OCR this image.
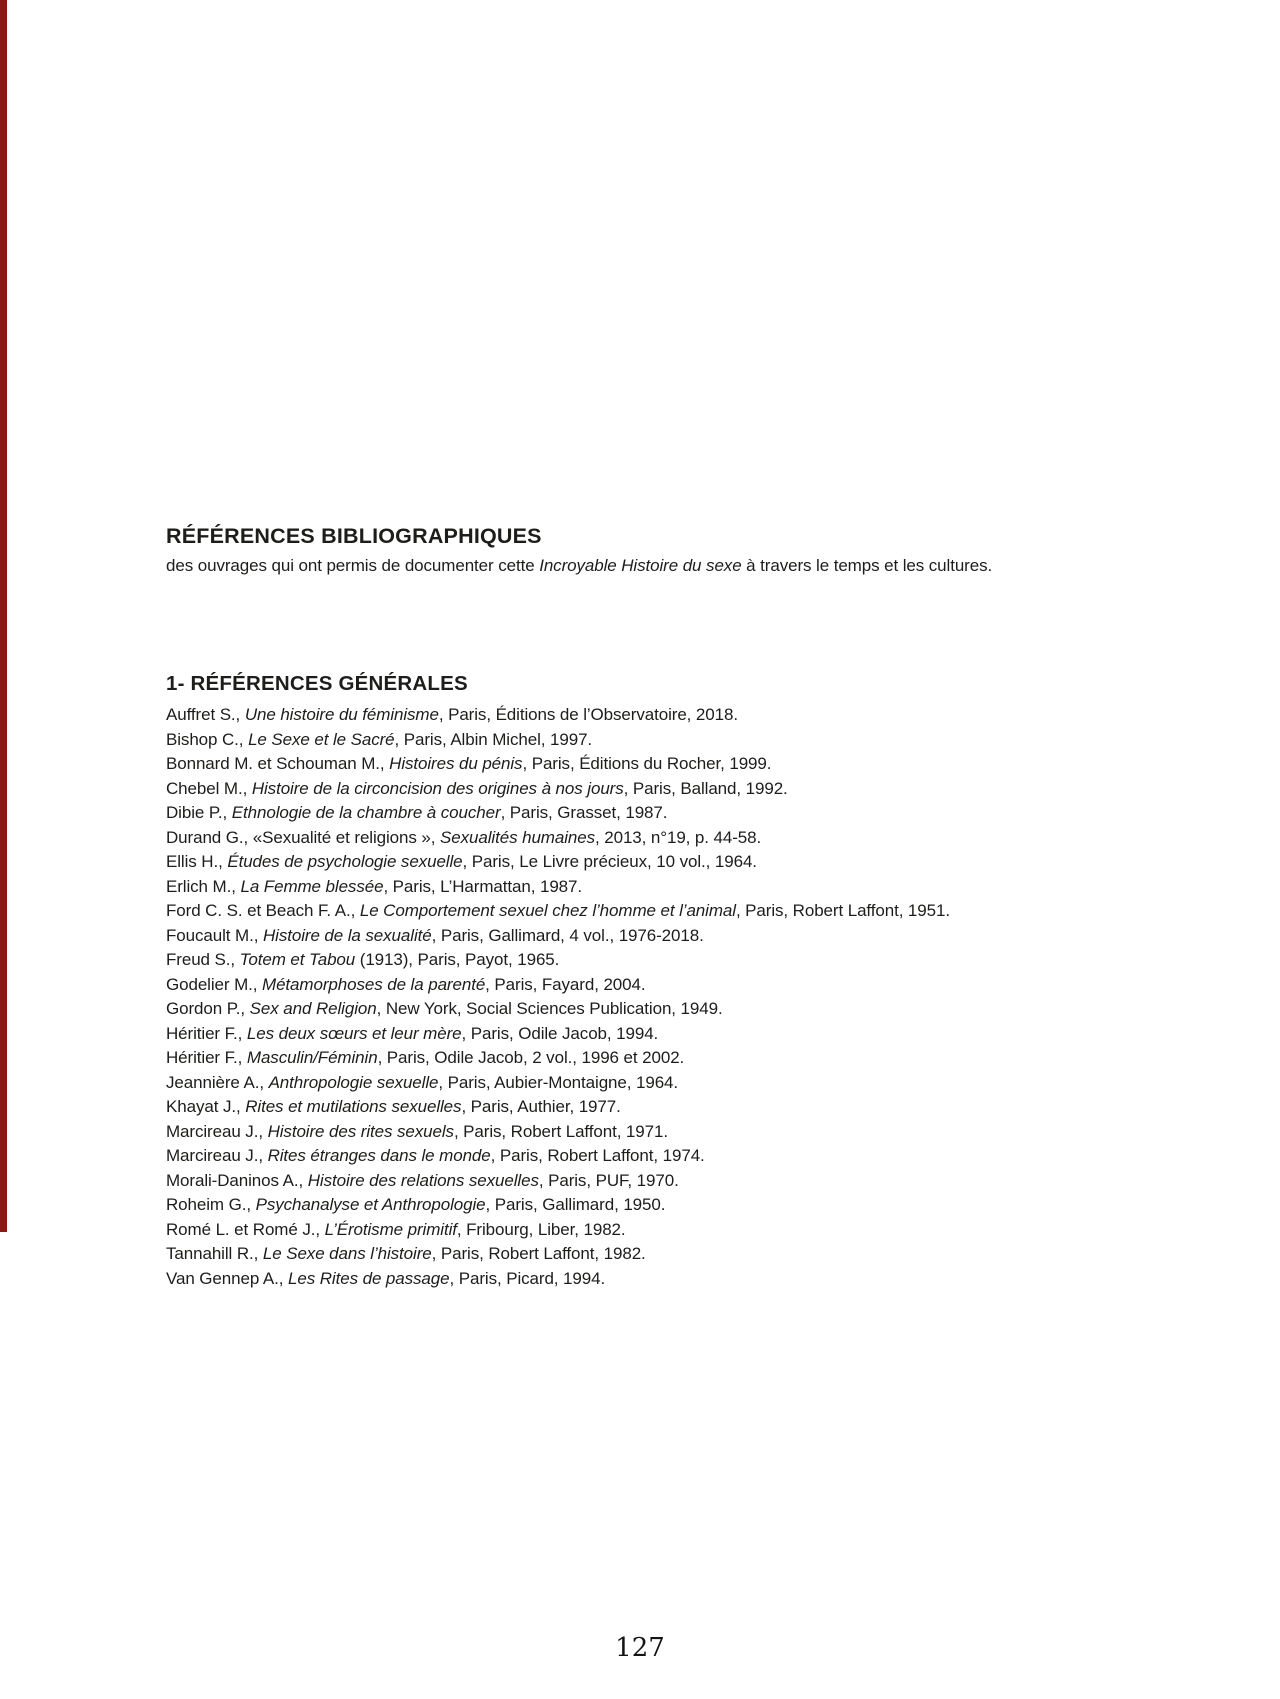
RÉFÉRENCES BIBLIOGRAPHIQUES

des ouvrages qui ont permis de documenter cette Incroyable Histoire du sexe à travers le temps et les cultures.

1- RÉFÉRENCES GÉNÉRALES
Auffret S., Une histoire du féminisme, Paris, Éditions de l’Observatoire, 2018.
Bishop C., Le Sexe et le Sacré, Paris, Albin Michel, 1997.
Bonnard M. et Schouman M., Histoires du pénis, Paris, Éditions du Rocher, 1999.
Chebel M., Histoire de la circoncision des origines à nos jours, Paris, Balland, 1992.
Dibie P., Ethnologie de la chambre à coucher, Paris, Grasset, 1987.
Durand G., «Sexualité et religions », Sexualités humaines, 2013, n°19, p. 44-58.
Ellis H., Études de psychologie sexuelle, Paris, Le Livre précieux, 10 vol., 1964.
Erlich M., La Femme blessée, Paris, L’Harmattan, 1987.
Ford C. S. et Beach F. A., Le Comportement sexuel chez l’homme et l’animal, Paris, Robert Laffont, 1951.
Foucault M., Histoire de la sexualité, Paris, Gallimard, 4 vol., 1976-2018.
Freud S., Totem et Tabou (1913), Paris, Payot, 1965.
Godelier M., Métamorphoses de la parenté, Paris, Fayard, 2004.
Gordon P., Sex and Religion, New York, Social Sciences Publication, 1949.
Héritier F., Les deux sœurs et leur mère, Paris, Odile Jacob, 1994.
Héritier F., Masculin/Féminin, Paris, Odile Jacob, 2 vol., 1996 et 2002.
Jeannière A., Anthropologie sexuelle, Paris, Aubier-Montaigne, 1964.
Khayat J., Rites et mutilations sexuelles, Paris, Authier, 1977.
Marcireau J., Histoire des rites sexuels, Paris, Robert Laffont, 1971.
Marcireau J., Rites étranges dans le monde, Paris, Robert Laffont, 1974.
Morali-Daninos A., Histoire des relations sexuelles, Paris, PUF, 1970.
Roheim G., Psychanalyse et Anthropologie, Paris, Gallimard, 1950.
Romé L. et Romé J., L’Érotisme primitif, Fribourg, Liber, 1982.
Tannahill R., Le Sexe dans l’histoire, Paris, Robert Laffont, 1982.
Van Gennep A., Les Rites de passage, Paris, Picard, 1994.
127
